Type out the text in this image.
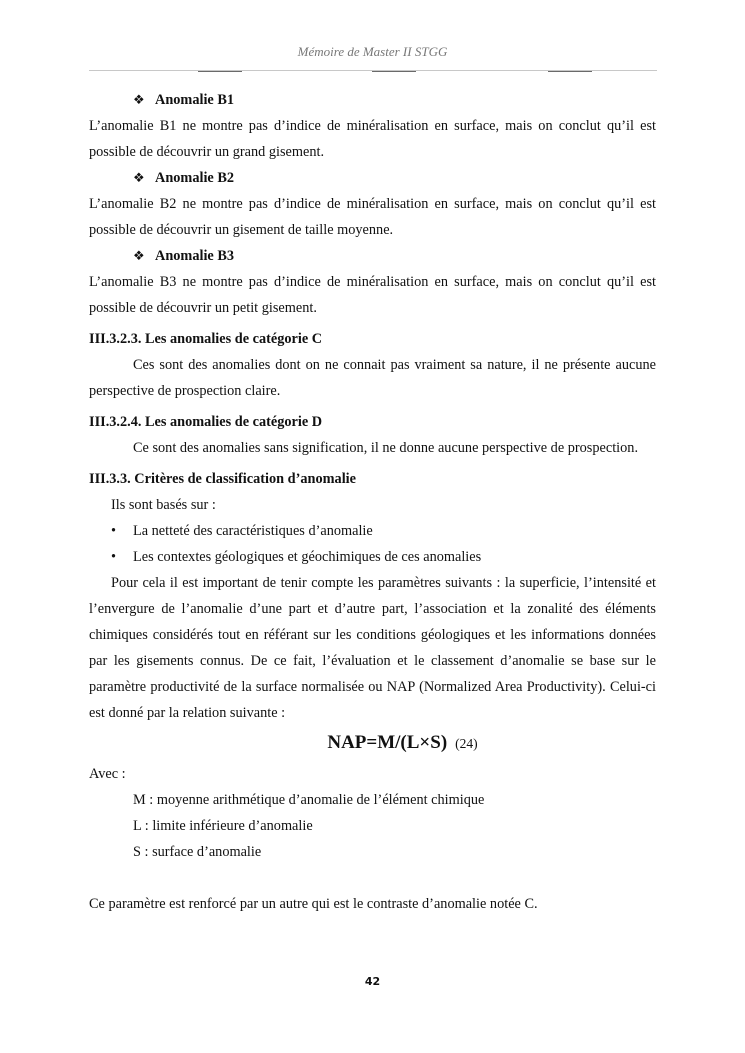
Mémoire de Master II STGG

❖ Anomalie B1

L’anomalie B1 ne montre pas d’indice de minéralisation en surface, mais on conclut qu’il est possible de découvrir un grand gisement.

❖ Anomalie B2

L’anomalie B2 ne montre pas d’indice de minéralisation en surface, mais on conclut qu’il est possible de découvrir un gisement de taille moyenne.

❖ Anomalie B3

L’anomalie B3 ne montre pas d’indice de minéralisation en surface, mais on conclut qu’il est possible de découvrir un petit gisement.

III.3.2.3. Les anomalies de catégorie C

Ces sont des anomalies dont on ne connait pas vraiment sa nature, il ne présente aucune perspective de prospection claire.

III.3.2.4. Les anomalies de catégorie D

Ce sont des anomalies sans signification, il ne donne aucune perspective de prospection.

III.3.3. Critères de classification d’anomalie

Ils sont basés sur :

• La netteté des caractéristiques d’anomalie
• Les contextes géologiques et géochimiques de ces anomalies

Pour cela il est important de tenir compte les paramètres suivants : la superficie, l’intensité et l’envergure de l’anomalie d’une part et d’autre part, l’association et la zonalité des éléments chimiques considérés tout en référant sur les conditions géologiques et les informations données par les gisements connus. De ce fait, l’évaluation et le classement d’anomalie se base sur le paramètre productivité de la surface normalisée ou NAP (Normalized Area Productivity). Celui-ci est donné par la relation suivante :

NAP=M/(L×S) (24)

Avec :

M : moyenne arithmétique d’anomalie de l’élément chimique

L : limite inférieure d’anomalie

S : surface d’anomalie

Ce paramètre est renforcé par un autre qui est le contraste d’anomalie notée C.

42
